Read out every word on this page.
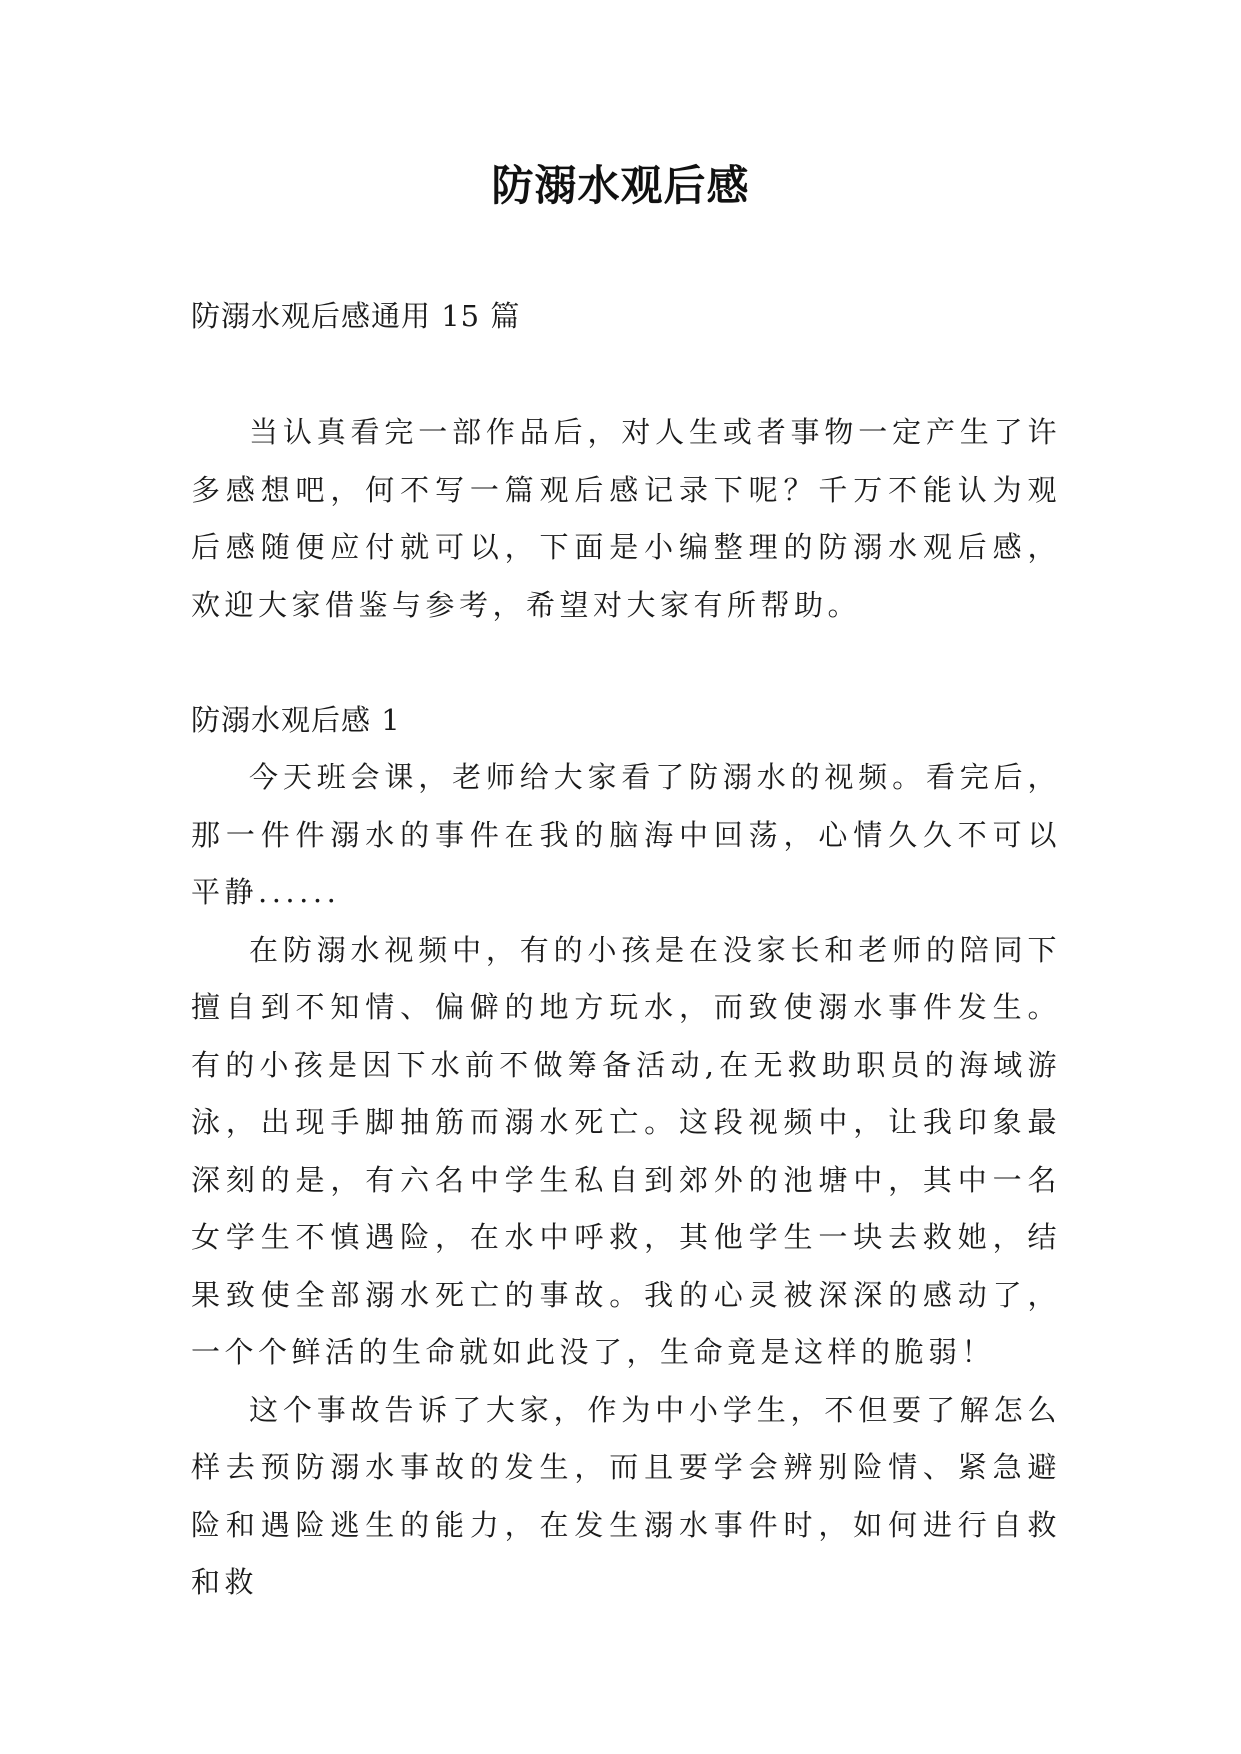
防溺水观后感
防溺水观后感通用 15 篇

当认真看完一部作品后，对人生或者事物一定产生了许多感想吧，何不写一篇观后感记录下呢？千万不能认为观后感随便应付就可以，下面是小编整理的防溺水观后感，欢迎大家借鉴与参考，希望对大家有所帮助。

防溺水观后感 1

今天班会课，老师给大家看了防溺水的视频。看完后，那一件件溺水的事件在我的脑海中回荡，心情久久不可以平静......

在防溺水视频中，有的小孩是在没家长和老师的陪同下擅自到不知情、偏僻的地方玩水，而致使溺水事件发生。有的小孩是因下水前不做筹备活动,在无救助职员的海域游泳，出现手脚抽筋而溺水死亡。这段视频中，让我印象最深刻的是，有六名中学生私自到郊外的池塘中，其中一名女学生不慎遇险，在水中呼救，其他学生一块去救她，结果致使全部溺水死亡的事故。我的心灵被深深的感动了，一个个鲜活的生命就如此没了，生命竟是这样的脆弱！

这个事故告诉了大家，作为中小学生，不但要了解怎么样去预防溺水事故的发生，而且要学会辨别险情、紧急避险和遇险逃生的能力，在发生溺水事件时，如何进行自救和救
